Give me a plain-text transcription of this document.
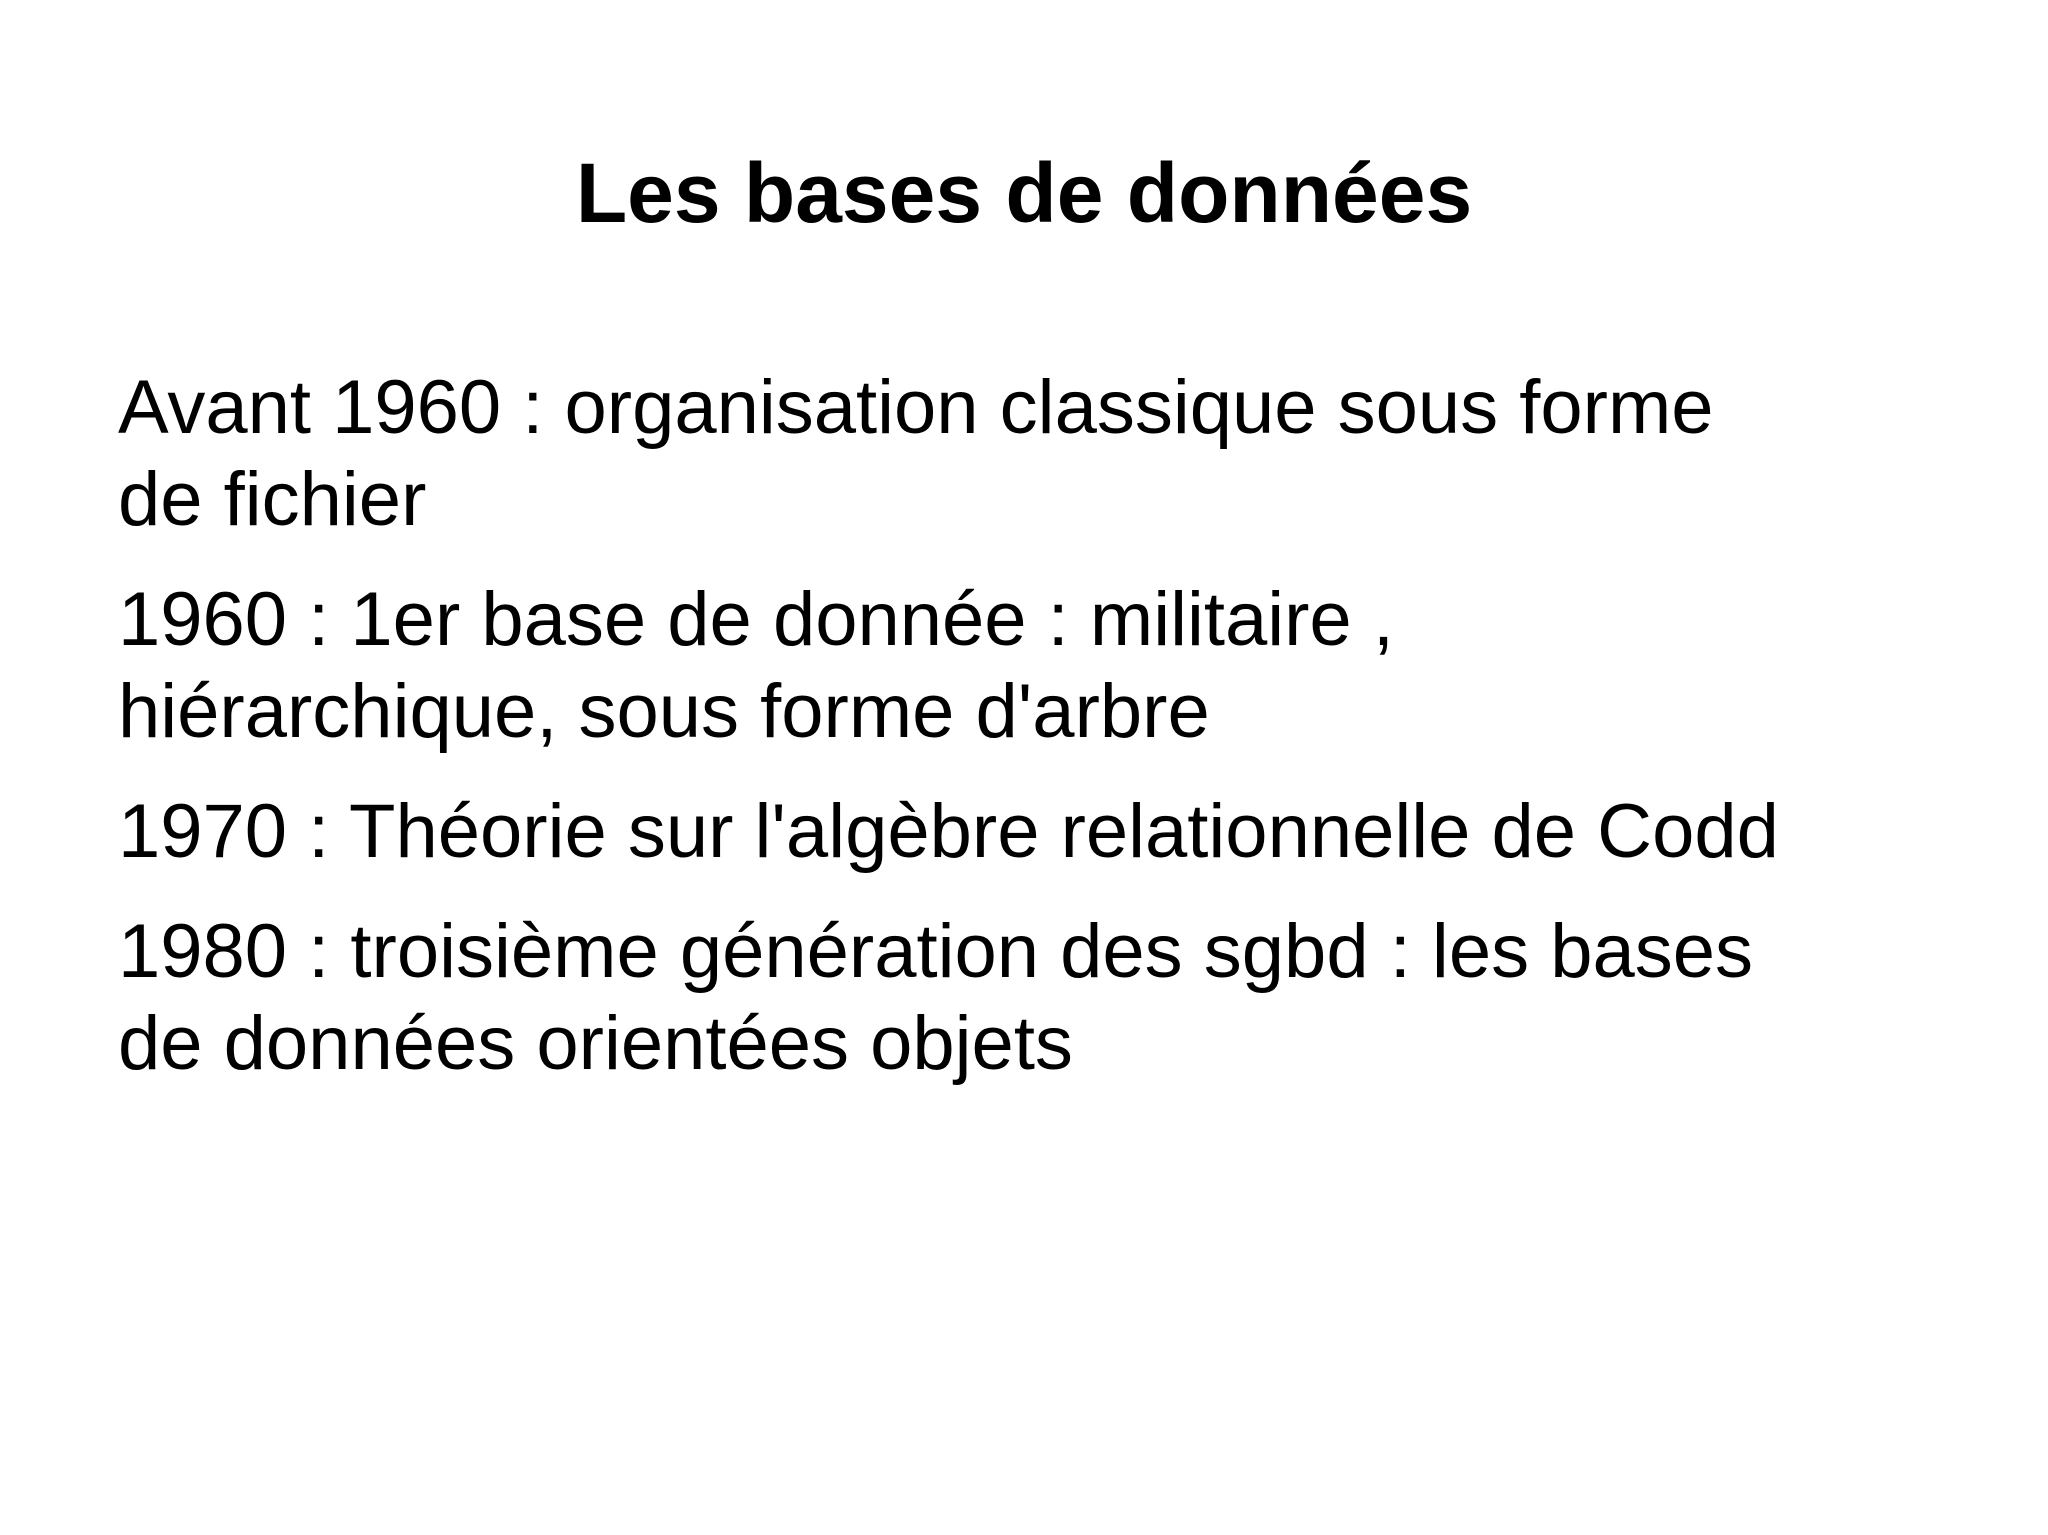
Les bases de données
Avant 1960 : organisation classique sous forme
de fichier
1960 : 1er base de donnée : militaire ,
hiérarchique, sous forme d'arbre
1970 : Théorie sur l'algèbre relationnelle de Codd
1980 : troisième génération des sgbd : les bases
de données orientées objets
